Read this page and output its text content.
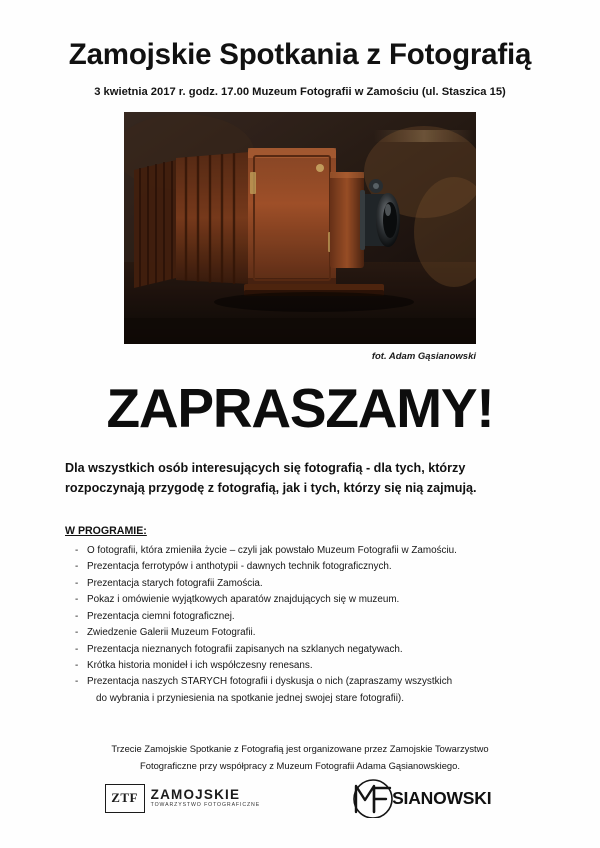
Zamojskie Spotkania z Fotografią
3 kwietnia 2017 r. godz. 17.00 Muzeum Fotografii w Zamościu (ul. Staszica 15)
fot. Adam Gąsianowski
ZAPRASZAMY!
Dla wszystkich osób interesujących się fotografią - dla tych, którzy rozpoczynają przygodę z fotografią, jak i tych, którzy się nią zajmują.
W PROGRAMIE:
- O fotografii, która zmieniła życie – czyli jak powstało Muzeum Fotografii w Zamościu.
- Prezentacja ferrotypów i anthotypii - dawnych technik fotograficznych.
- Prezentacja starych fotografii Zamościa.
- Pokaz i omówienie wyjątkowych aparatów znajdujących się w muzeum.
- Prezentacja ciemni fotograficznej.
- Zwiedzenie Galerii Muzeum Fotografii.
- Prezentacja nieznanych fotografii zapisanych na szklanych negatywach.
- Krótka historia monideł i ich współczesny renesans.
- Prezentacja naszych STARYCH fotografii i dyskusja o nich (zapraszamy wszystkich
do wybrania i przyniesienia na spotkanie jednej swojej stare fotografii).
Trzecie Zamojskie Spotkanie z Fotografią jest organizowane przez Zamojskie Towarzystwo Fotograficzne przy współpracy z Muzeum Fotografii Adama Gąsianowskiego.
ZTF ZAMOJSKIE
TOWARZYSTWO FOTOGRAFICZNE	SIANOWSKI
